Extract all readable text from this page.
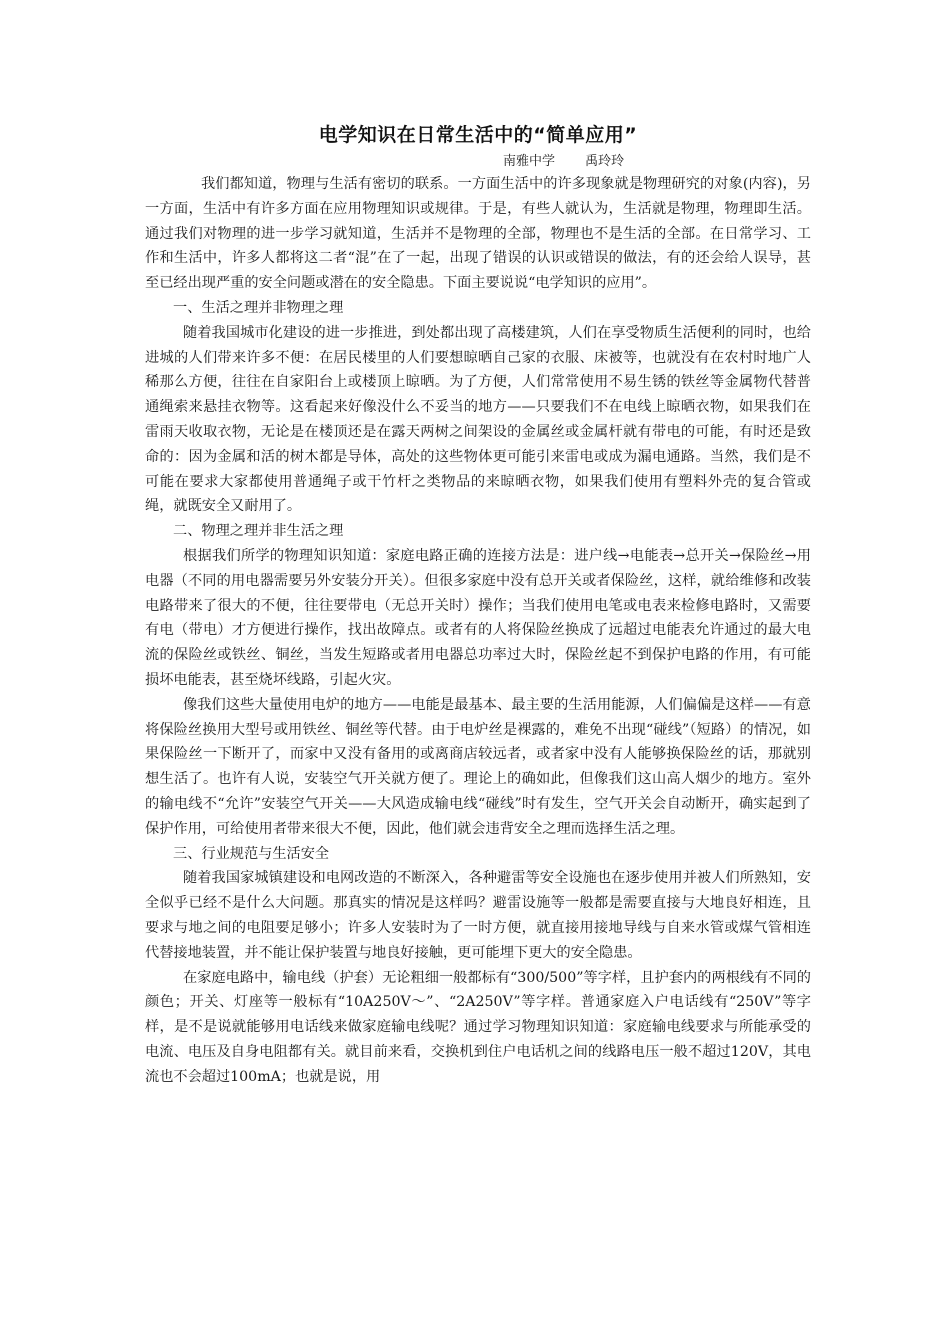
电学知识在日常生活中的“简单应用”

南雅中学 禹玲玲

我们都知道，物理与生活有密切的联系。一方面生活中的许多现象就是物理研究的对象(内容)，另一方面，生活中有许多方面在应用物理知识或规律。于是，有些人就认为，生活就是物理，物理即生活。通过我们对物理的进一步学习就知道，生活并不是物理的全部，物理也不是生活的全部。在日常学习、工作和生活中，许多人都将这二者“混”在了一起，出现了错误的认识或错误的做法，有的还会给人误导，甚至已经出现严重的安全问题或潜在的安全隐患。下面主要说说“电学知识的应用”。

一、生活之理并非物理之理

随着我国城市化建设的进一步推进，到处都出现了高楼建筑，人们在享受物质生活便利的同时，也给进城的人们带来许多不便：在居民楼里的人们要想晾晒自己家的衣服、床被等，也就没有在农村时地广人稀那么方便，往往在自家阳台上或楼顶上晾晒。为了方便，人们常常使用不易生锈的铁丝等金属物代替普通绳索来悬挂衣物等。这看起来好像没什么不妥当的地方——只要我们不在电线上晾晒衣物，如果我们在雷雨天收取衣物，无论是在楼顶还是在露天两树之间架设的金属丝或金属杆就有带电的可能，有时还是致命的：因为金属和活的树木都是导体，高处的这些物体更可能引来雷电或成为漏电通路。当然，我们是不可能在要求大家都使用普通绳子或干竹杆之类物品的来晾晒衣物，如果我们使用有塑料外壳的复合管或绳，就既安全又耐用了。

二、物理之理并非生活之理

根据我们所学的物理知识知道：家庭电路正确的连接方法是：进户线→电能表→总开关→保险丝→用电器（不同的用电器需要另外安装分开关）。但很多家庭中没有总开关或者保险丝，这样，就给维修和改装电路带来了很大的不便，往往要带电（无总开关时）操作；当我们使用电笔或电表来检修电路时，又需要有电（带电）才方便进行操作，找出故障点。或者有的人将保险丝换成了远超过电能表允许通过的最大电流的保险丝或铁丝、铜丝，当发生短路或者用电器总功率过大时，保险丝起不到保护电路的作用，有可能损坏电能表，甚至烧坏线路，引起火灾。

像我们这些大量使用电炉的地方——电能是最基本、最主要的生活用能源，人们偏偏是这样——有意将保险丝换用大型号或用铁丝、铜丝等代替。由于电炉丝是裸露的，难免不出现“碰线”（短路）的情况，如果保险丝一下断开了，而家中又没有备用的或离商店较远者，或者家中没有人能够换保险丝的话，那就别想生活了。也许有人说，安装空气开关就方便了。理论上的确如此，但像我们这山高人烟少的地方。室外的输电线不“允许”安装空气开关——大风造成输电线“碰线”时有发生，空气开关会自动断开，确实起到了保护作用，可给使用者带来很大不便，因此，他们就会违背安全之理而选择生活之理。

三、行业规范与生活安全

随着我国家城镇建设和电网改造的不断深入，各种避雷等安全设施也在逐步使用并被人们所熟知，安全似乎已经不是什么大问题。那真实的情况是这样吗？避雷设施等一般都是需要直接与大地良好相连，且要求与地之间的电阻要足够小；许多人安装时为了一时方便，就直接用接地导线与自来水管或煤气管相连代替接地装置，并不能让保护装置与地良好接触，更可能埋下更大的安全隐患。

在家庭电路中，输电线（护套）无论粗细一般都标有“300/500”等字样，且护套内的两根线有不同的颜色；开关、灯座等一般标有“10A250V～”、“2A250V”等字样。普通家庭入户电话线有“250V”等字样，是不是说就能够用电话线来做家庭输电线呢？通过学习物理知识知道：家庭输电线要求与所能承受的电流、电压及自身电阻都有关。就目前来看，交换机到住户电话机之间的线路电压一般不超过120V，其电流也不会超过100mA；也就是说，用
